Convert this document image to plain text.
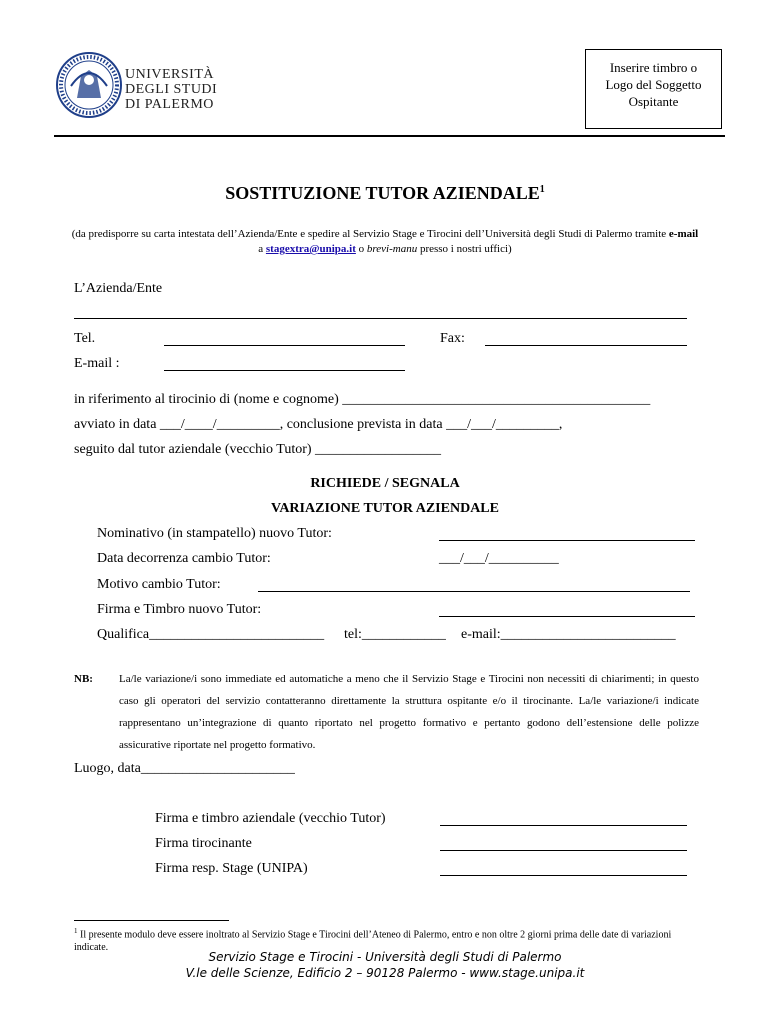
UNIVERSITÀ
DEGLI STUDI
DI PALERMO
Inserire timbro o
Logo del Soggetto
Ospitante
SOSTITUZIONE TUTOR AZIENDALE$^1$
(da predisporre su carta intestata dell’Azienda/Ente e spedire al Servizio Stage e Tirocini dell’Università degli Studi di Palermo tramite e-mail a stagextra@unipa.it o brevi-manu presso i nostri uffici)
L’Azienda/Ente
Tel.	Fax:
E-mail :
in riferimento al tirocinio di (nome e cognome) ____________________________________________
avviato in data ___/____/_________, conclusione prevista in data ___/___/_________,
seguito dal tutor aziendale (vecchio Tutor) __________________
RICHIEDE / SEGNALA
VARIAZIONE TUTOR AZIENDALE
Nominativo (in stampatello) nuovo Tutor:
Data decorrenza cambio Tutor:	___/___/__________
Motivo cambio Tutor:
Firma e Timbro nuovo Tutor:
Qualifica_________________________ tel:____________ e-mail:_________________________
NB: La/le variazione/i sono immediate ed automatiche a meno che il Servizio Stage e Tirocini non necessiti di chiarimenti; in questo caso gli operatori del servizio contatteranno direttamente la struttura ospitante e/o il tirocinante. La/le variazione/i indicate rappresentano un’integrazione di quanto riportato nel progetto formativo e pertanto godono dell’estensione delle polizze assicurative riportate nel progetto formativo.
Luogo, data______________________
Firma e timbro aziendale (vecchio Tutor)
Firma tirocinante
Firma resp. Stage (UNIPA)
$^1$ Il presente modulo deve essere inoltrato al Servizio Stage e Tirocini dell’Ateneo di Palermo, entro e non oltre 2 giorni prima delle date di variazioni indicate.
Servizio Stage e Tirocini - Università degli Studi di Palermo
V.le delle Scienze, Edificio 2 – 90128 Palermo - www.stage.unipa.it
